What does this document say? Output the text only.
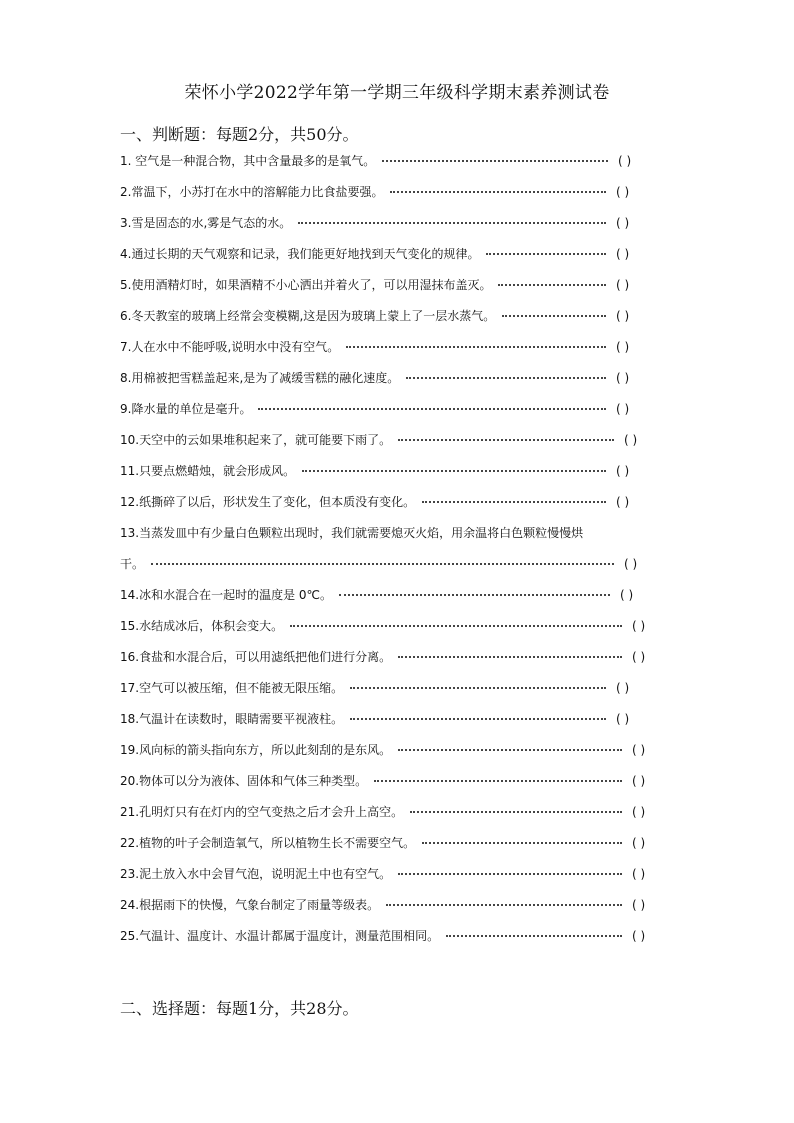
荣怀小学2022学年第一学期三年级科学期末素养测试卷
一、判断题：每题2分，共50分。
1. 空气是一种混合物，其中含量最多的是氧气。	( )
2.常温下，小苏打在水中的溶解能力比食盐要强。	( )
3.雪是固态的水,雾是气态的水。	( )
4.通过长期的天气观察和记录，我们能更好地找到天气变化的规律。	( )
5.使用酒精灯时，如果酒精不小心洒出并着火了，可以用湿抹布盖灭。	( )
6.冬天教室的玻璃上经常会变模糊,这是因为玻璃上蒙上了一层水蒸气。	( )
7.人在水中不能呼吸,说明水中没有空气。	( )
8.用棉被把雪糕盖起来,是为了减缓雪糕的融化速度。	( )
9.降水量的单位是毫升。	( )
10.天空中的云如果堆积起来了，就可能要下雨了。	( )
11.只要点燃蜡烛，就会形成风。	( )
12.纸撕碎了以后，形状发生了变化，但本质没有变化。	( )
13.当蒸发皿中有少量白色颗粒出现时，我们就需要熄灭火焰，用余温将白色颗粒慢慢烘
干。	( )
14.冰和水混合在一起时的温度是 0℃。	( )
15.水结成冰后，体积会变大。	( )
16.食盐和水混合后，可以用滤纸把他们进行分离。	( )
17.空气可以被压缩，但不能被无限压缩。	( )
18.气温计在读数时，眼睛需要平视液柱。	( )
19.风向标的箭头指向东方，所以此刻刮的是东风。	( )
20.物体可以分为液体、固体和气体三种类型。	( )
21.孔明灯只有在灯内的空气变热之后才会升上高空。	( )
22.植物的叶子会制造氧气，所以植物生长不需要空气。	( )
23.泥土放入水中会冒气泡，说明泥土中也有空气。	( )
24.根据雨下的快慢，气象台制定了雨量等级表。	( )
25.气温计、温度计、水温计都属于温度计，测量范围相同。	( )
二、选择题：每题1分，共28分。
